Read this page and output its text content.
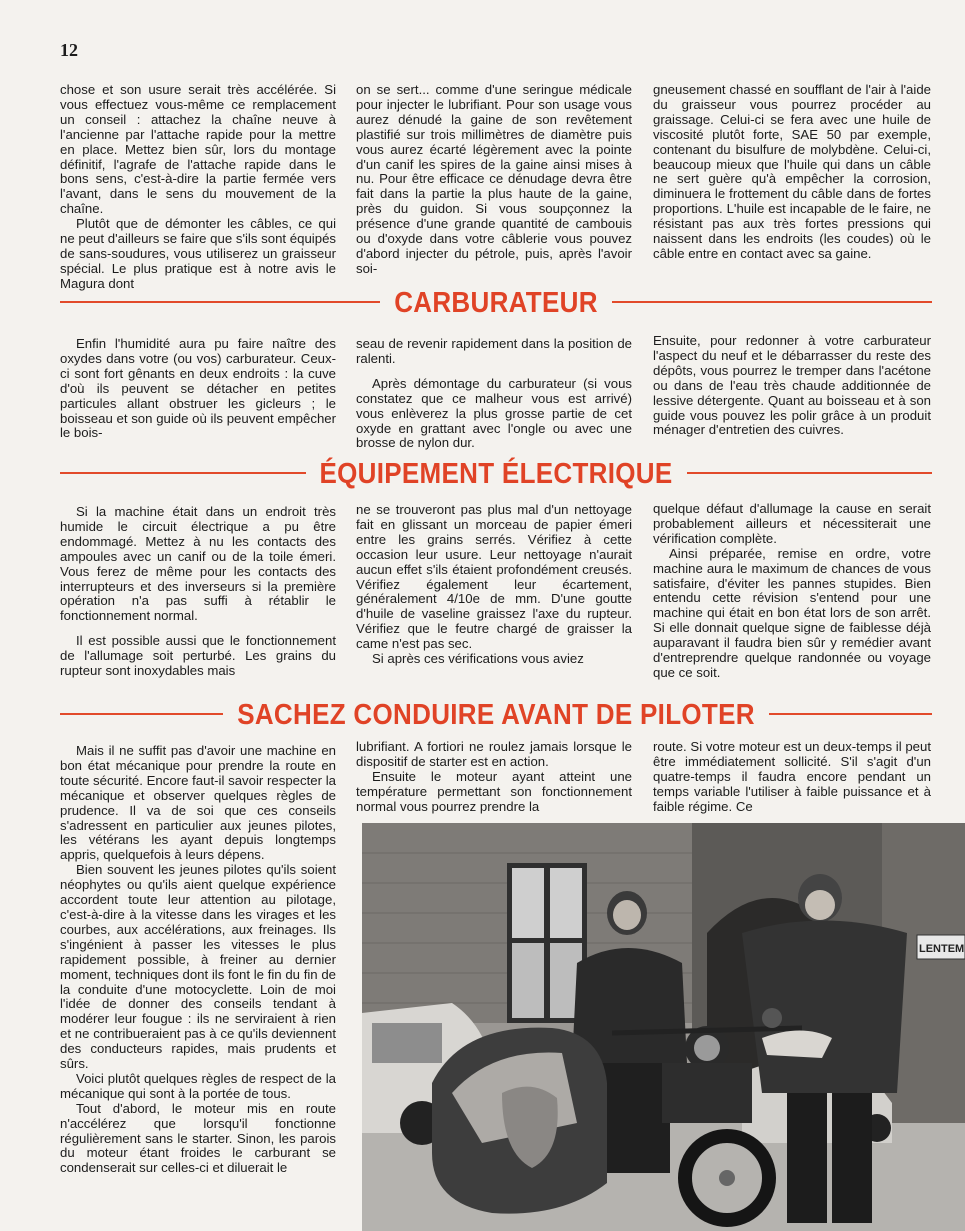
12

chose et son usure serait très accélérée. Si vous effectuez vous-même ce remplacement un conseil : attachez la chaîne neuve à l'ancienne par l'attache rapide pour la mettre en place. Mettez bien sûr, lors du montage définitif, l'agrafe de l'attache rapide dans le bons sens, c'est-à-dire la partie fermée vers l'avant, dans le sens du mouvement de la chaîne.

Plutôt que de démonter les câbles, ce qui ne peut d'ailleurs se faire que s'ils sont équipés de sans-soudures, vous utiliserez un graisseur spécial. Le plus pratique est à notre avis le Magura dont

on se sert... comme d'une seringue médicale pour injecter le lubrifiant. Pour son usage vous aurez dénudé la gaine de son revêtement plastifié sur trois millimètres de diamètre puis vous aurez écarté légèrement avec la pointe d'un canif les spires de la gaine ainsi mises à nu. Pour être efficace ce dénudage devra être fait dans la partie la plus haute de la gaine, près du guidon. Si vous soupçonnez la présence d'une grande quantité de cambouis ou d'oxyde dans votre câblerie vous pouvez d'abord injecter du pétrole, puis, après l'avoir soi-

gneusement chassé en soufflant de l'air à l'aide du graisseur vous pourrez procéder au graissage. Celui-ci se fera avec une huile de viscosité plutôt forte, SAE 50 par exemple, contenant du bisulfure de molybdène. Celui-ci, beaucoup mieux que l'huile qui dans un câble ne sert guère qu'à empêcher la corrosion, diminuera le frottement du câble dans de fortes proportions. L'huile est incapable de le faire, ne résistant pas aux très fortes pressions qui naissent dans les endroits (les coudes) où le câble entre en contact avec sa gaine.

CARBURATEUR

Enfin l'humidité aura pu faire naître des oxydes dans votre (ou vos) carburateur. Ceux-ci sont fort gênants en deux endroits : la cuve d'où ils peuvent se détacher en petites particules allant obstruer les gicleurs ; le boisseau et son guide où ils peuvent empêcher le bois-

seau de revenir rapidement dans la position de ralenti.

Après démontage du carburateur (si vous constatez que ce malheur vous est arrivé) vous enlèverez la plus grosse partie de cet oxyde en grattant avec l'ongle ou avec une brosse de nylon dur.

Ensuite, pour redonner à votre carburateur l'aspect du neuf et le débarrasser du reste des dépôts, vous pourrez le tremper dans l'acétone ou dans de l'eau très chaude additionnée de lessive détergente. Quant au boisseau et à son guide vous pouvez les polir grâce à un produit ménager d'entretien des cuivres.

ÉQUIPEMENT ÉLECTRIQUE

Si la machine était dans un endroit très humide le circuit électrique a pu être endommagé. Mettez à nu les contacts des ampoules avec un canif ou de la toile émeri. Vous ferez de même pour les contacts des interrupteurs et des inverseurs si la première opération n'a pas suffi à rétablir le fonctionnement normal.

Il est possible aussi que le fonctionnement de l'allumage soit perturbé. Les grains du rupteur sont inoxydables mais

ne se trouveront pas plus mal d'un nettoyage fait en glissant un morceau de papier émeri entre les grains serrés. Vérifiez à cette occasion leur usure. Leur nettoyage n'aurait aucun effet s'ils étaient profondément creusés. Vérifiez également leur écartement, généralement 4/10e de mm. D'une goutte d'huile de vaseline graissez l'axe du rupteur. Vérifiez que le feutre chargé de graisser la came n'est pas sec.

Si après ces vérifications vous aviez

quelque défaut d'allumage la cause en serait probablement ailleurs et nécessiterait une vérification complète.

Ainsi préparée, remise en ordre, votre machine aura le maximum de chances de vous satisfaire, d'éviter les pannes stupides. Bien entendu cette révision s'entend pour une machine qui était en bon état lors de son arrêt. Si elle donnait quelque signe de faiblesse déjà auparavant il faudra bien sûr y remédier avant d'entreprendre quelque randonnée ou voyage que ce soit.

SACHEZ CONDUIRE AVANT DE PILOTER

Mais il ne suffit pas d'avoir une machine en bon état mécanique pour prendre la route en toute sécurité. Encore faut-il savoir respecter la mécanique et observer quelques règles de prudence. Il va de soi que ces conseils s'adressent en particulier aux jeunes pilotes, les vétérans les ayant depuis longtemps appris, quelquefois à leurs dépens.

Bien souvent les jeunes pilotes qu'ils soient néophytes ou qu'ils aient quelque expérience accordent toute leur attention au pilotage, c'est-à-dire à la vitesse dans les virages et les courbes, aux accélérations, aux freinages. Ils s'ingénient à passer les vitesses le plus rapidement possible, à freiner au dernier moment, techniques dont ils font le fin du fin de la conduite d'une motocyclette. Loin de moi l'idée de donner des conseils tendant à modérer leur fougue : ils ne serviraient à rien et ne contribueraient pas à ce qu'ils deviennent des conducteurs rapides, mais prudents et sûrs.

Voici plutôt quelques règles de respect de la mécanique qui sont à la portée de tous.

Tout d'abord, le moteur mis en route n'accélérez que lorsqu'il fonctionne régulièrement sans le starter. Sinon, les parois du moteur étant froides le carburant se condenserait sur celles-ci et diluerait le

lubrifiant. A fortiori ne roulez jamais lorsque le dispositif de starter est en action.

Ensuite le moteur ayant atteint une température permettant son fonctionnement normal vous pourrez prendre la

route. Si votre moteur est un deux-temps il peut être immédiatement sollicité. S'il s'agit d'un quatre-temps il faudra encore pendant un temps variable l'utiliser à faible puissance et à faible régime. Ce

LENTEM
